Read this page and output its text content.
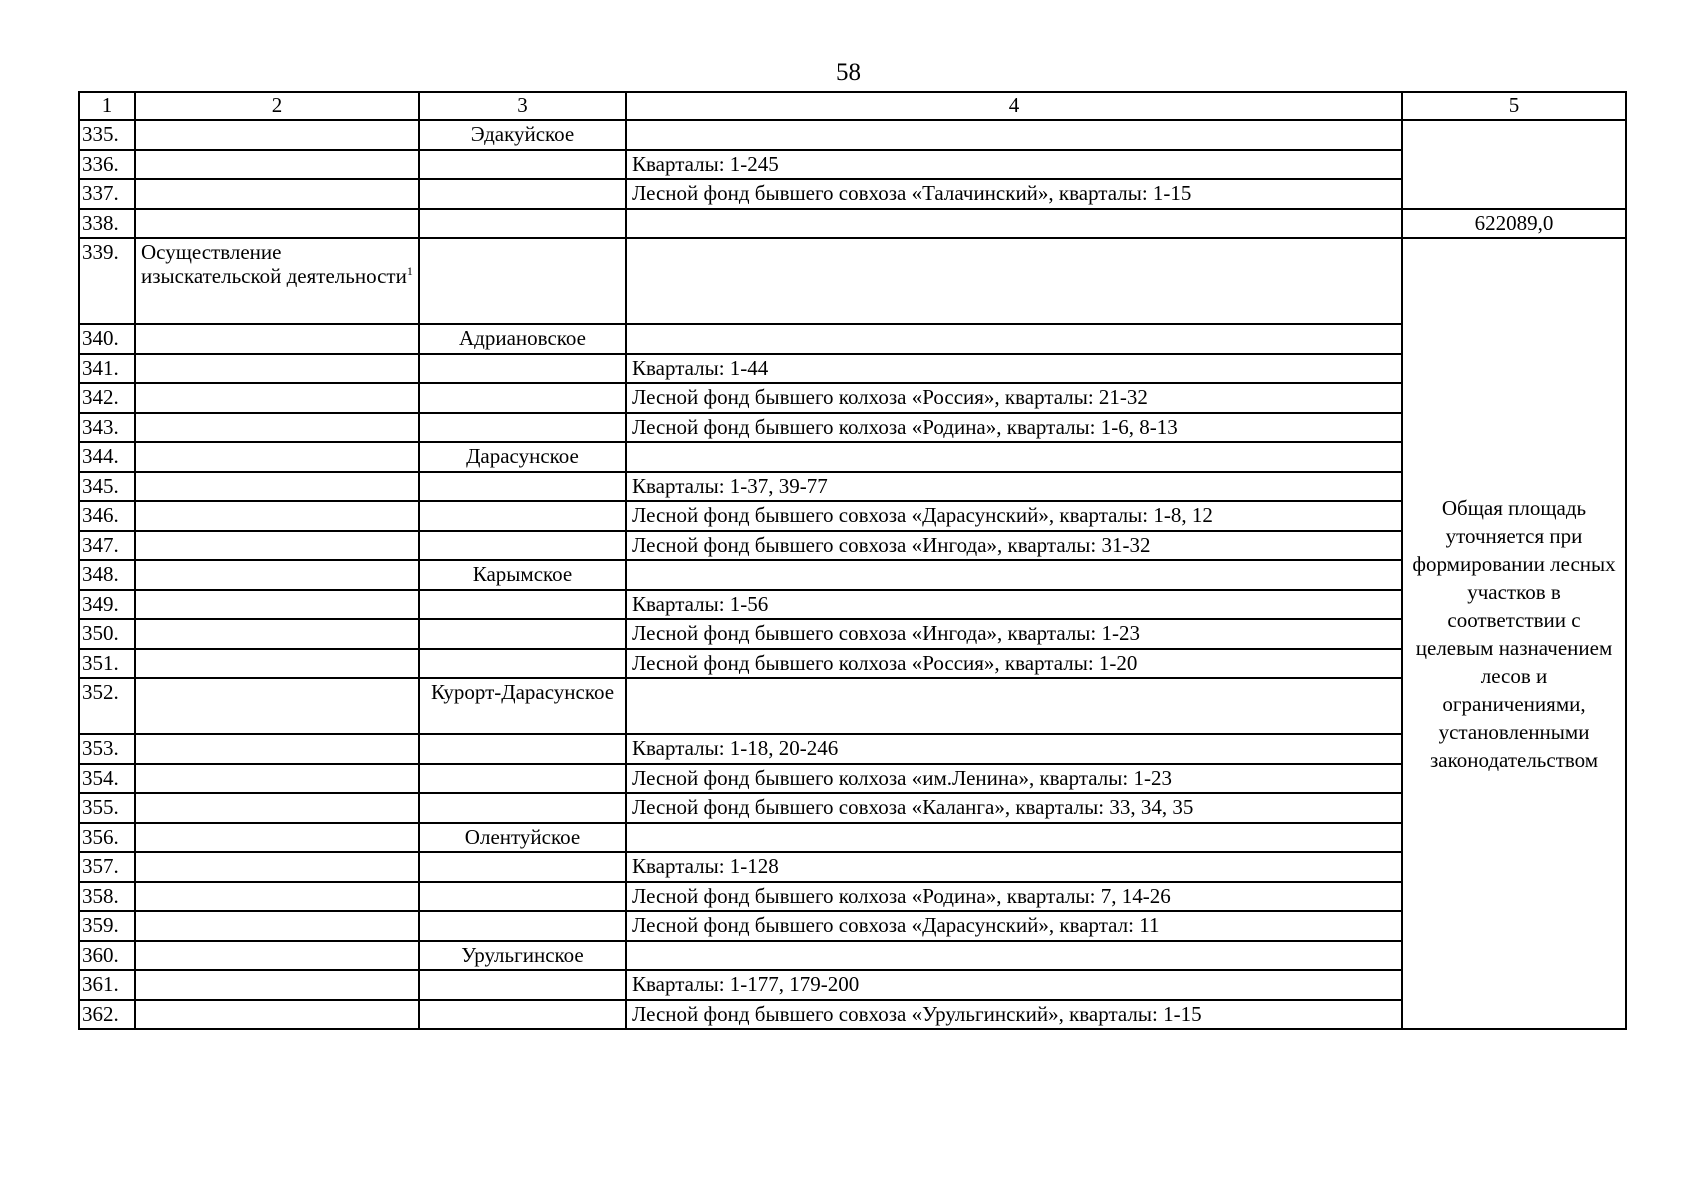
58
1	2	3	4	5
335.		Эдакуйское		
336.			Кварталы: 1-245	
337.			Лесной фонд бывшего совхоза «Талачинский», кварталы: 1-15	
338.				622089,0
339.	Осуществление изыскательской деятельности$^1$			Общая площадь уточняется при формировании лесных участков в соответствии с целевым назначением лесов и ограничениями, установленными законодательством
340.		Адриановское		
341.			Кварталы: 1-44	
342.			Лесной фонд бывшего колхоза «Россия», кварталы: 21-32	
343.			Лесной фонд бывшего колхоза «Родина», кварталы: 1-6, 8-13	
344.		Дарасунское		
345.			Кварталы: 1-37, 39-77	
346.			Лесной фонд бывшего совхоза «Дарасунский», кварталы: 1-8, 12	
347.			Лесной фонд бывшего совхоза «Ингода», кварталы: 31-32	
348.		Карымское		
349.			Кварталы: 1-56	
350.			Лесной фонд бывшего совхоза «Ингода», кварталы: 1-23	
351.			Лесной фонд бывшего колхоза «Россия», кварталы: 1-20	
352.		Курорт-Дарасунское		
353.			Кварталы: 1-18, 20-246	
354.			Лесной фонд бывшего колхоза «им.Ленина», кварталы: 1-23	
355.			Лесной фонд бывшего совхоза «Каланга», кварталы: 33, 34, 35	
356.		Олентуйское		
357.			Кварталы: 1-128	
358.			Лесной фонд бывшего колхоза «Родина», кварталы: 7, 14-26	
359.			Лесной фонд бывшего совхоза «Дарасунский», квартал: 11	
360.		Урульгинское		
361.			Кварталы: 1-177, 179-200	
362.			Лесной фонд бывшего совхоза «Урульгинский», кварталы: 1-15	
